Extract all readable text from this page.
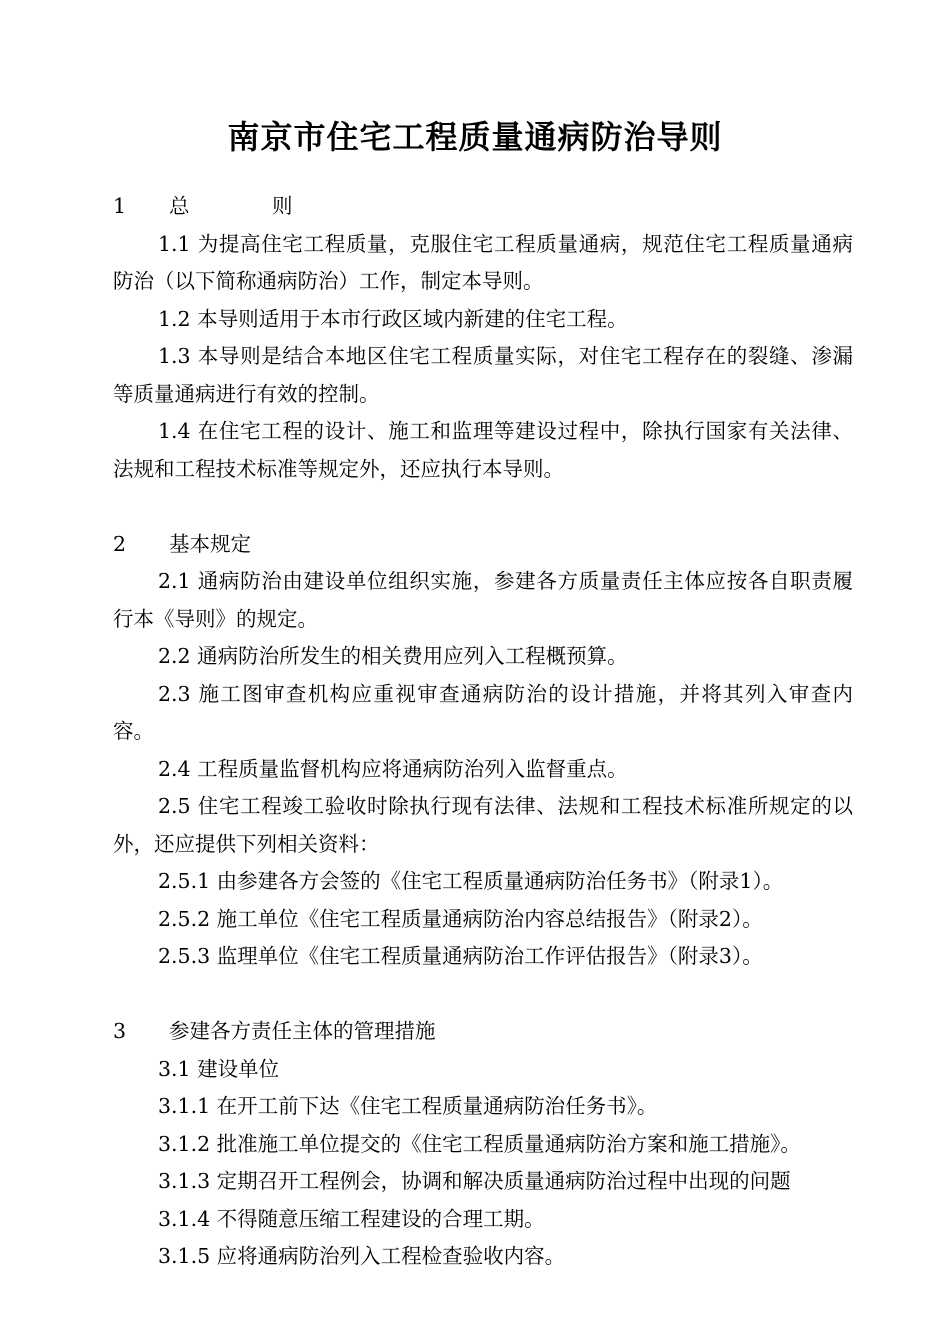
南京市住宅工程质量通病防治导则
1 总 则
1.1 为提高住宅工程质量，克服住宅工程质量通病，规范住宅工程质量通病防治（以下简称通病防治）工作，制定本导则。
1.2 本导则适用于本市行政区域内新建的住宅工程。
1.3 本导则是结合本地区住宅工程质量实际，对住宅工程存在的裂缝、渗漏等质量通病进行有效的控制。
1.4 在住宅工程的设计、施工和监理等建设过程中，除执行国家有关法律、法规和工程技术标准等规定外，还应执行本导则。
2 基本规定
2.1 通病防治由建设单位组织实施，参建各方质量责任主体应按各自职责履行本《导则》的规定。
2.2 通病防治所发生的相关费用应列入工程概预算。
2.3 施工图审查机构应重视审查通病防治的设计措施，并将其列入审查内容。
2.4 工程质量监督机构应将通病防治列入监督重点。
2.5 住宅工程竣工验收时除执行现有法律、法规和工程技术标准所规定的以外，还应提供下列相关资料：
2.5.1 由参建各方会签的《住宅工程质量通病防治任务书》（附录1）。
2.5.2 施工单位《住宅工程质量通病防治内容总结报告》（附录2）。
2.5.3 监理单位《住宅工程质量通病防治工作评估报告》（附录3）。
3 参建各方责任主体的管理措施
3.1 建设单位
3.1.1 在开工前下达《住宅工程质量通病防治任务书》。
3.1.2 批准施工单位提交的《住宅工程质量通病防治方案和施工措施》。
3.1.3 定期召开工程例会，协调和解决质量通病防治过程中出现的问题
3.1.4 不得随意压缩工程建设的合理工期。
3.1.5 应将通病防治列入工程检查验收内容。
